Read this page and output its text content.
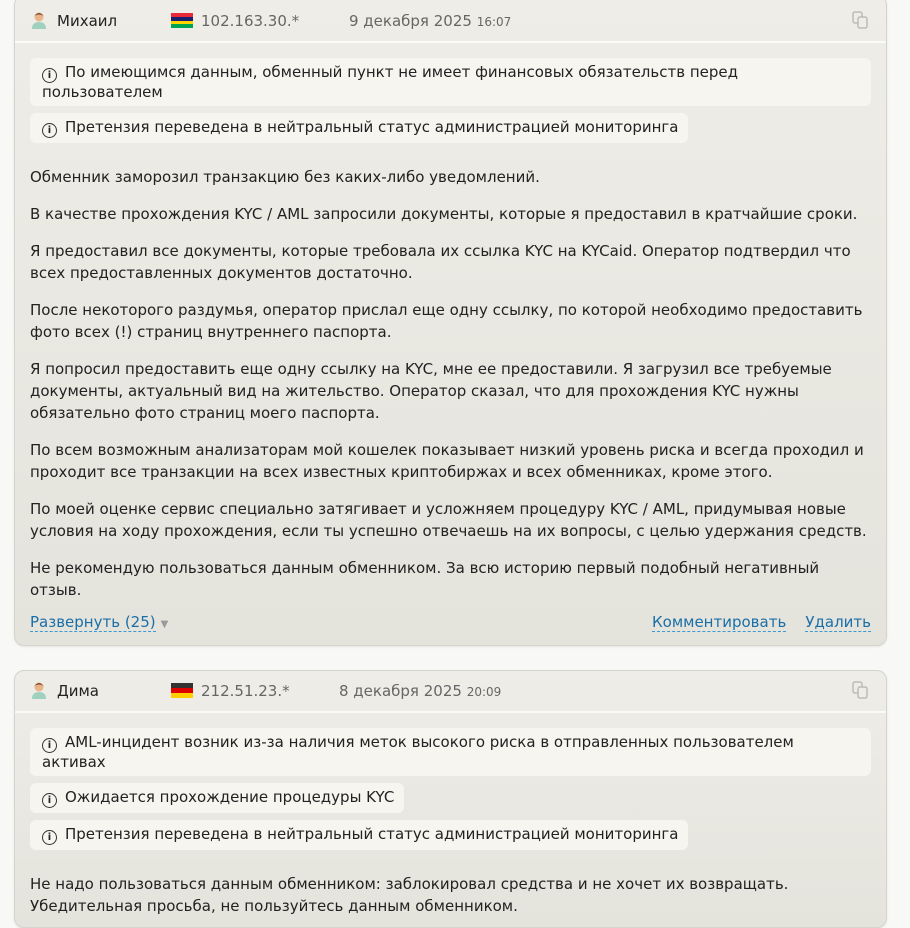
Михаил	102.163.30.*	9 декабря 2025 16:07
i По имеющимся данным, обменный пункт не имеет финансовых обязательств перед пользователем
i Претензия переведена в нейтральный статус администрацией мониторинга

Обменник заморозил транзакцию без каких-либо уведомлений.

В качестве прохождения KYC / AML запросили документы, которые я предоставил в кратчайшие сроки.

Я предоставил все документы, которые требовала их ссылка KYC на KYCaid. Оператор подтвердил что всех предоставленных документов достаточно.

После некоторого раздумья, оператор прислал еще одну ссылку, по которой необходимо предоставить фото всех (!) страниц внутреннего паспорта.

Я попросил предоставить еще одну ссылку на KYC, мне ее предоставили. Я загрузил все требуемые документы, актуальный вид на жительство. Оператор сказал, что для прохождения KYC нужны обязательно фото страниц моего паспорта.

По всем возможным анализаторам мой кошелек показывает низкий уровень риска и всегда проходил и проходит все транзакции на всех известных криптобиржах и всех обменниках, кроме этого.

По моей оценке сервис специально затягивает и усложняем процедуру KYC / AML, придумывая новые условия на ходу прохождения, если ты успешно отвечаешь на их вопросы, с целью удержания средств.

Не рекомендую пользоваться данным обменником. За всю историю первый подобный негативный отзыв.

Развернуть (25) ▼	Комментировать Удалить
Дима	212.51.23.*	8 декабря 2025 20:09
i AML-инцидент возник из-за наличия меток высокого риска в отправленных пользователем активах
i Ожидается прохождение процедуры KYC
i Претензия переведена в нейтральный статус администрацией мониторинга

Не надо пользоваться данным обменником: заблокировал средства и не хочет их возвращать. Убедительная просьба, не пользуйтесь данным обменником.
